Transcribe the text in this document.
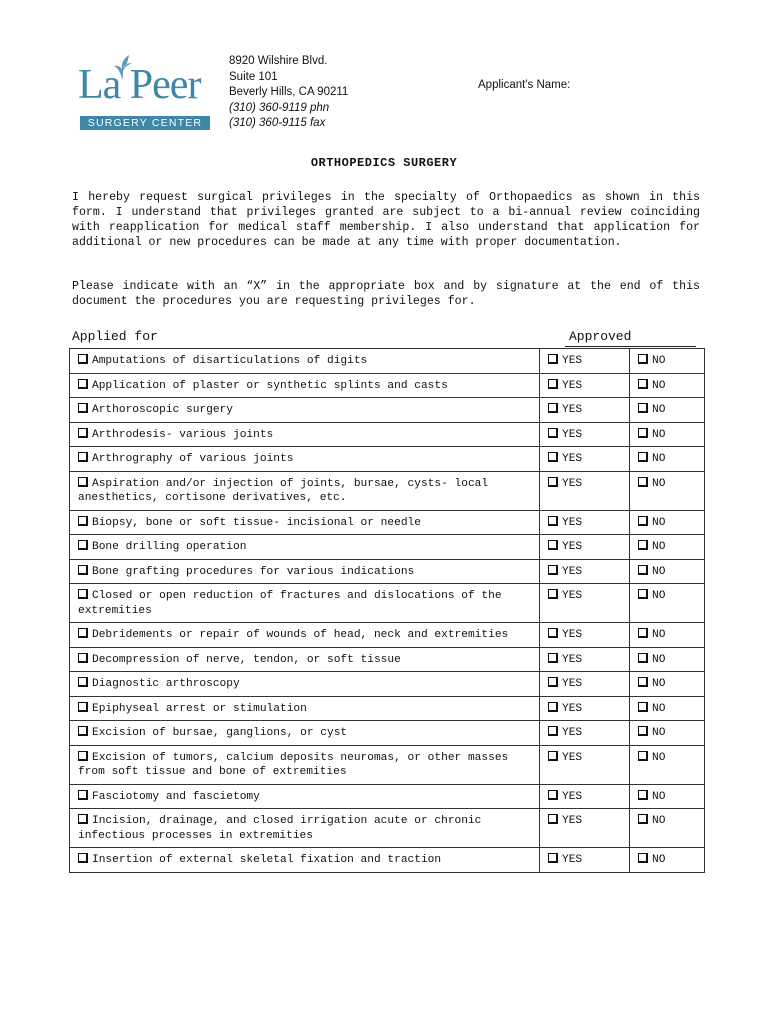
La Peer
SURGERY CENTER
8920 Wilshire Blvd.
Suite 101
Beverly Hills, CA 90211
(310) 360-9119 phn
(310) 360-9115 fax
Applicant's Name:
ORTHOPEDICS SURGERY

I hereby request surgical privileges in the specialty of Orthopaedics as shown in this form. I understand that privileges granted are subject to a bi-annual review coinciding with reapplication for medical staff membership. I also understand that application for additional or new procedures can be made at any time with proper documentation.

Please indicate with an “X” in the appropriate box and by signature at the end of this document the procedures you are requesting privileges for.

Applied for	Approved
Amputations of disarticulations of digits	YES	NO
Application of plaster or synthetic splints and casts	YES	NO
Arthoroscopic surgery	YES	NO
Arthrodesis- various joints	YES	NO
Arthrography of various joints	YES	NO
Aspiration and/or injection of joints, bursae, cysts- local anesthetics, cortisone derivatives, etc.	YES	NO
Biopsy, bone or soft tissue- incisional or needle	YES	NO
Bone drilling operation	YES	NO
Bone grafting procedures for various indications	YES	NO
Closed or open reduction of fractures and dislocations of the extremities	YES	NO
Debridements or repair of wounds of head, neck and extremities	YES	NO
Decompression of nerve, tendon, or soft tissue	YES	NO
Diagnostic arthroscopy	YES	NO
Epiphyseal arrest or stimulation	YES	NO
Excision of bursae, ganglions, or cyst	YES	NO
Excision of tumors, calcium deposits neuromas, or other masses from soft tissue and bone of extremities	YES	NO
Fasciotomy and fascietomy	YES	NO
Incision, drainage, and closed irrigation acute or chronic infectious processes in extremities	YES	NO
Insertion of external skeletal fixation and traction	YES	NO
